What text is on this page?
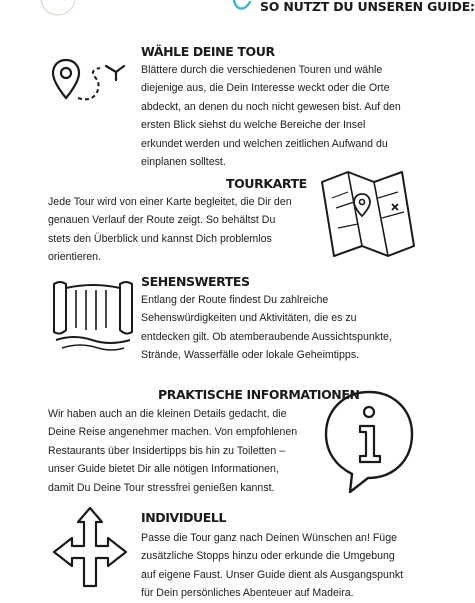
SO NUTZT DU UNSEREN GUIDE:
WÄHLE DEINE TOUR

Blättere durch die verschiedenen Touren und wähle diejenige aus, die Dein Interesse weckt oder die Orte abdeckt, an denen du noch nicht gewesen bist. Auf den ersten Blick siehst du welche Bereiche der Insel erkundet werden und welchen zeitlichen Aufwand du einplanen solltest.

TOURKARTE

Jede Tour wird von einer Karte begleitet, die Dir den genauen Verlauf der Route zeigt. So behältst Du stets den Überblick und kannst Dich problemlos orientieren.

SEHENSWERTES

Entlang der Route findest Du zahlreiche Sehenswürdigkeiten und Aktivitäten, die es zu entdecken gilt. Ob atemberaubende Aussichtspunkte, Strände, Wasserfälle oder lokale Geheimtipps.

PRAKTISCHE INFORMATIONEN

Wir haben auch an die kleinen Details gedacht, die Deine Reise angenehmer machen. Von empfohlenen Restaurants über Insidertipps bis hin zu Toiletten – unser Guide bietet Dir alle nötigen Informationen, damit Du Deine Tour stressfrei genießen kannst.

INDIVIDUELL

Passe die Tour ganz nach Deinen Wünschen an! Füge zusätzliche Stopps hinzu oder erkunde die Umgebung auf eigene Faust. Unser Guide dient als Ausgangspunkt für Dein persönliches Abenteuer auf Madeira.
